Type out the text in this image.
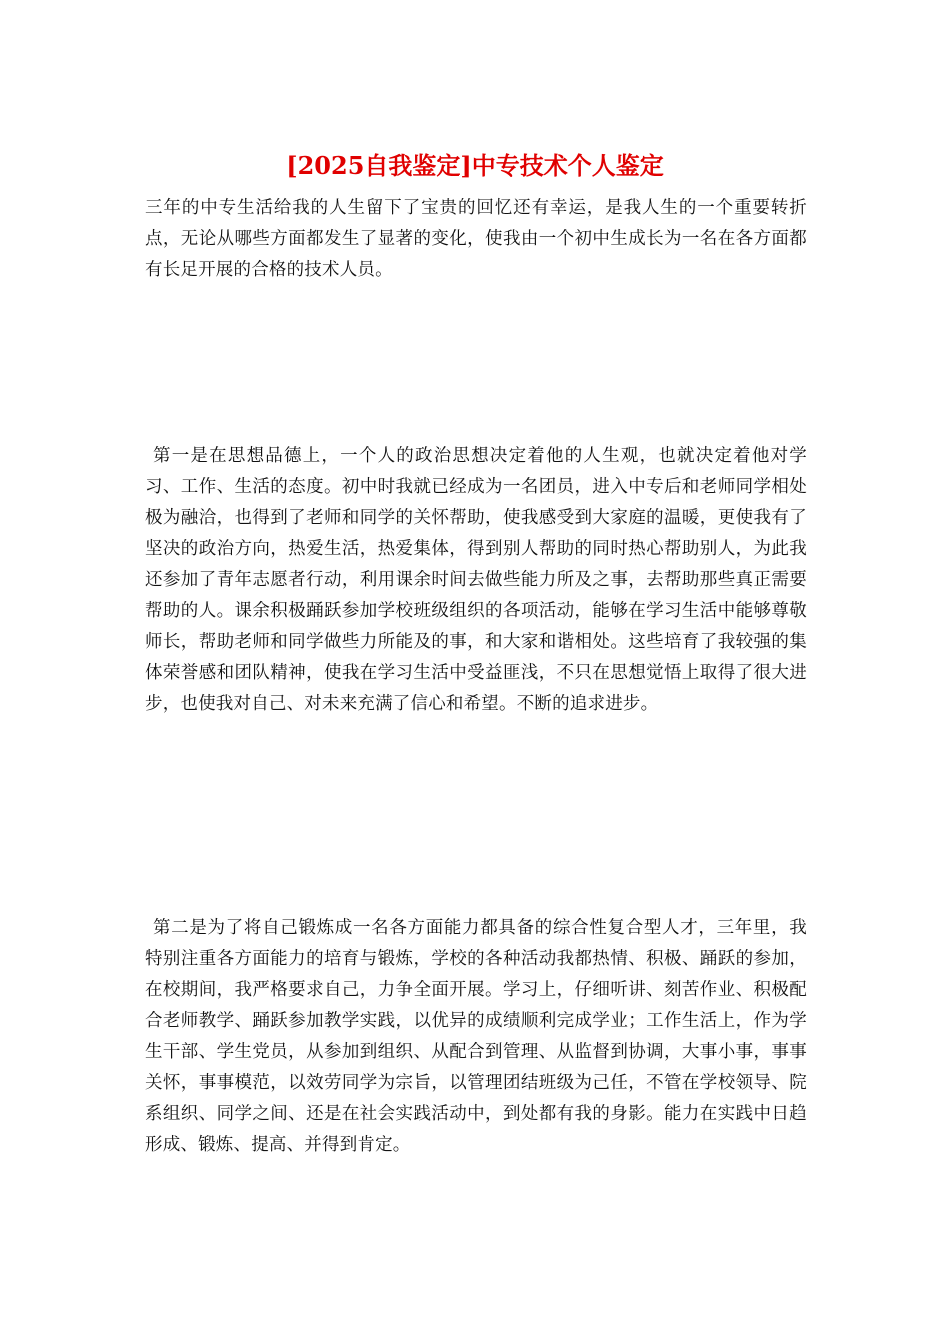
[2025自我鉴定]中专技术个人鉴定

三年的中专生活给我的人生留下了宝贵的回忆还有幸运，是我人生的一个重要转折点，无论从哪些方面都发生了显著的变化，使我由一个初中生成长为一名在各方面都有长足开展的合格的技术人员。

第一是在思想品德上，一个人的政治思想决定着他的人生观，也就决定着他对学习、工作、生活的态度。初中时我就已经成为一名团员，进入中专后和老师同学相处极为融洽，也得到了老师和同学的关怀帮助，使我感受到大家庭的温暖，更使我有了坚决的政治方向，热爱生活，热爱集体，得到别人帮助的同时热心帮助别人，为此我还参加了青年志愿者行动，利用课余时间去做些能力所及之事，去帮助那些真正需要帮助的人。课余积极踊跃参加学校班级组织的各项活动，能够在学习生活中能够尊敬师长，帮助老师和同学做些力所能及的事，和大家和谐相处。这些培育了我较强的集体荣誉感和团队精神，使我在学习生活中受益匪浅，不只在思想觉悟上取得了很大进步，也使我对自己、对未来充满了信心和希望。不断的追求进步。

第二是为了将自己锻炼成一名各方面能力都具备的综合性复合型人才，三年里，我特别注重各方面能力的培育与锻炼，学校的各种活动我都热情、积极、踊跃的参加，在校期间，我严格要求自己，力争全面开展。学习上，仔细听讲、刻苦作业、积极配合老师教学、踊跃参加教学实践，以优异的成绩顺利完成学业；工作生活上，作为学生干部、学生党员，从参加到组织、从配合到管理、从监督到协调，大事小事，事事关怀，事事模范，以效劳同学为宗旨，以管理团结班级为己任，不管在学校领导、院系组织、同学之间、还是在社会实践活动中，到处都有我的身影。能力在实践中日趋形成、锻炼、提高、并得到肯定。
